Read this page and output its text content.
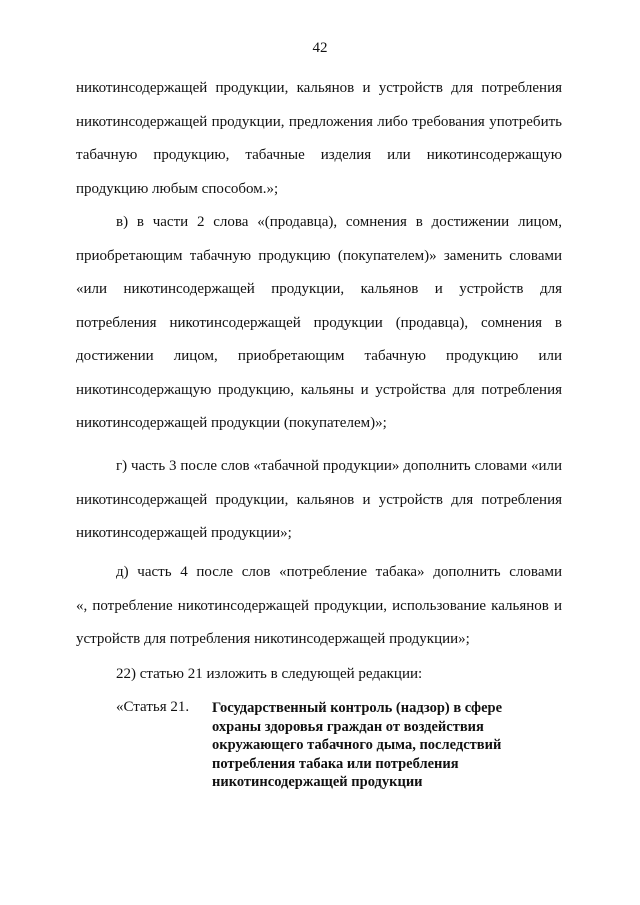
42
никотинсодержащей продукции, кальянов и устройств для потребления
никотинсодержащей продукции, предложения либо требования употребить
табачную продукцию, табачные изделия или никотинсодержащую
продукцию любым способом.»;
в) в части 2 слова «(продавца), сомнения в достижении лицом,
приобретающим табачную продукцию (покупателем)» заменить словами
«или никотинсодержащей продукции, кальянов и устройств для
потребления никотинсодержащей продукции (продавца), сомнения в
достижении лицом, приобретающим табачную продукцию или
никотинсодержащую продукцию, кальяны и устройства для потребления
никотинсодержащей продукции (покупателем)»;
г) часть 3 после слов «табачной продукции» дополнить словами «или
никотинсодержащей продукции, кальянов и устройств для потребления
никотинсодержащей продукции»;
д) часть 4 после слов «потребление табака» дополнить словами
«, потребление никотинсодержащей продукции, использование кальянов и
устройств для потребления никотинсодержащей продукции»;
22) статью 21 изложить в следующей редакции:
«Статья 21. Государственный контроль (надзор) в сфере
охраны здоровья граждан от воздействия
окружающего табачного дыма, последствий
потребления табака или потребления
никотинсодержащей продукции
